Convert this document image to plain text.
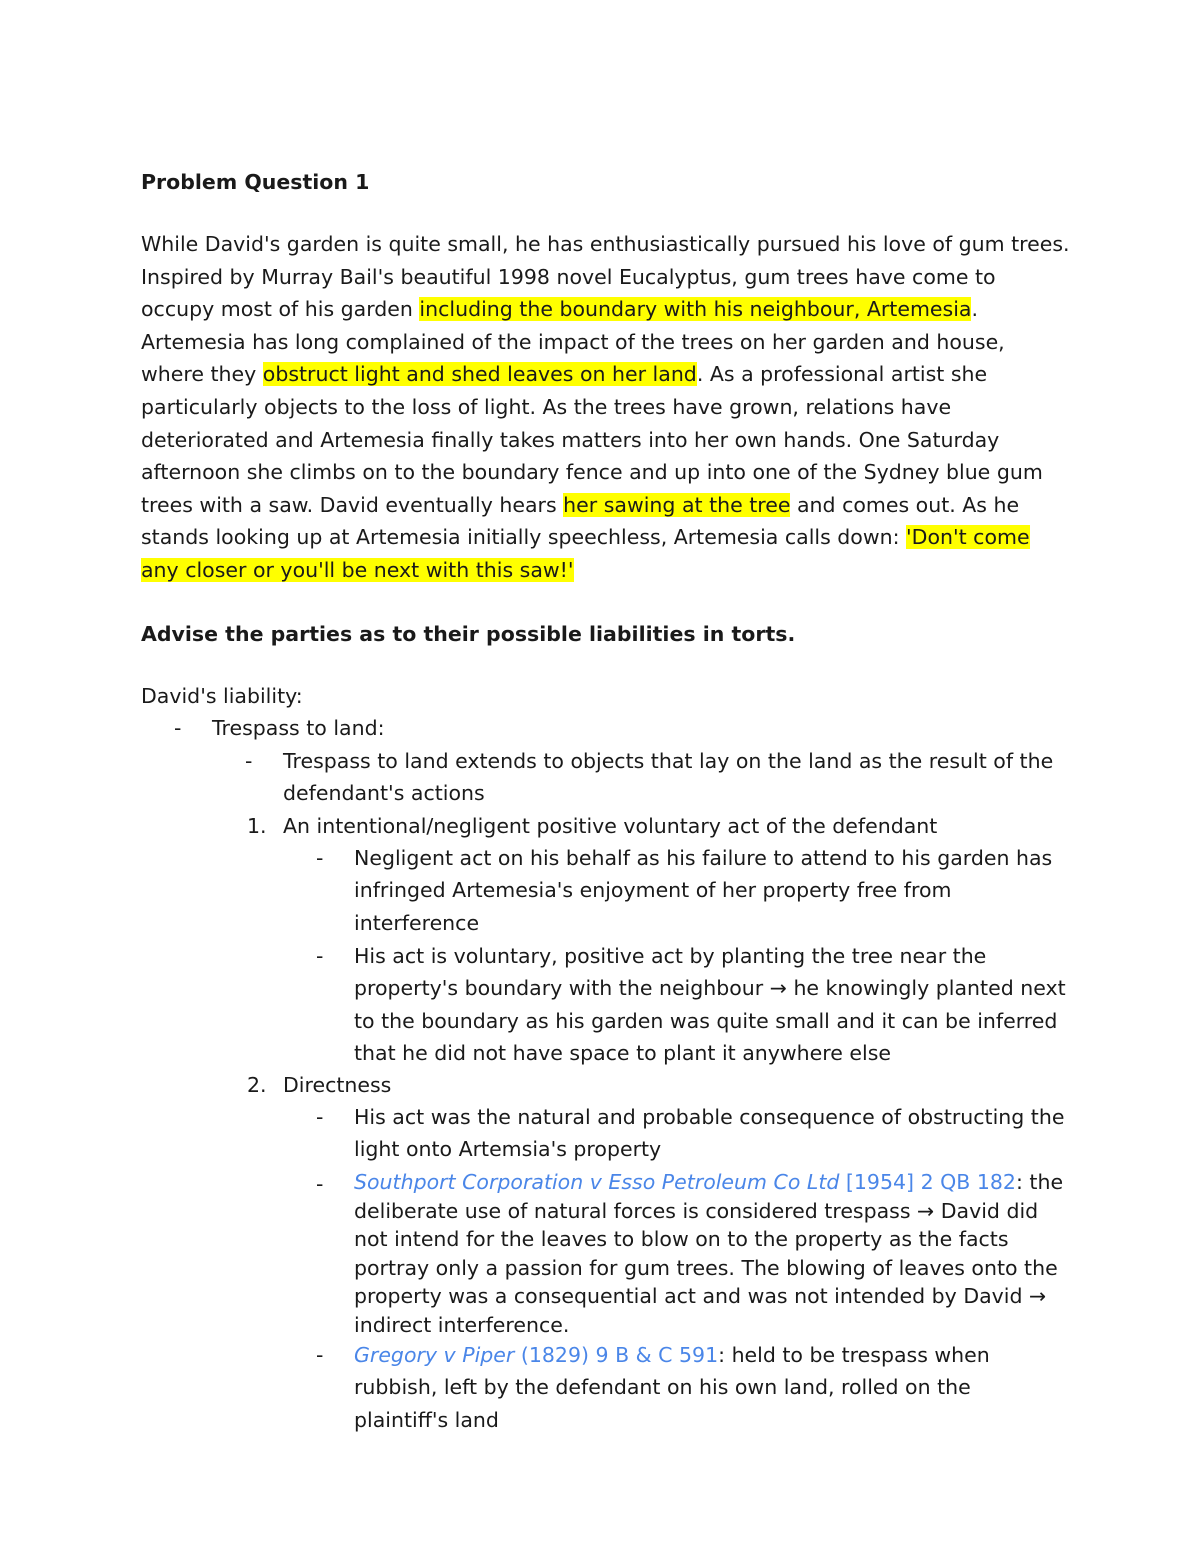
Problem Question 1

While David's garden is quite small, he has enthusiastically pursued his love of gum trees. Inspired by Murray Bail's beautiful 1998 novel Eucalyptus, gum trees have come to occupy most of his garden including the boundary with his neighbour, Artemesia. Artemesia has long complained of the impact of the trees on her garden and house, where they obstruct light and shed leaves on her land. As a professional artist she particularly objects to the loss of light. As the trees have grown, relations have deteriorated and Artemesia finally takes matters into her own hands. One Saturday afternoon she climbs on to the boundary fence and up into one of the Sydney blue gum trees with a saw. David eventually hears her sawing at the tree and comes out. As he stands looking up at Artemesia initially speechless, Artemesia calls down: 'Don't come any closer or you'll be next with this saw!'

Advise the parties as to their possible liabilities in torts.

David's liability:

- Trespass to land:

- Trespass to land extends to objects that lay on the land as the result of the defendant's actions

1. An intentional/negligent positive voluntary act of the defendant

- Negligent act on his behalf as his failure to attend to his garden has infringed Artemesia's enjoyment of her property free from interference

- His act is voluntary, positive act by planting the tree near the property's boundary with the neighbour → he knowingly planted next to the boundary as his garden was quite small and it can be inferred that he did not have space to plant it anywhere else

2. Directness

- His act was the natural and probable consequence of obstructing the light onto Artemsia's property

- Southport Corporation v Esso Petroleum Co Ltd [1954] 2 QB 182: the deliberate use of natural forces is considered trespass → David did not intend for the leaves to blow on to the property as the facts portray only a passion for gum trees. The blowing of leaves onto the property was a consequential act and was not intended by David → indirect interference.

- Gregory v Piper (1829) 9 B & C 591: held to be trespass when rubbish, left by the defendant on his own land, rolled on the plaintiff's land
